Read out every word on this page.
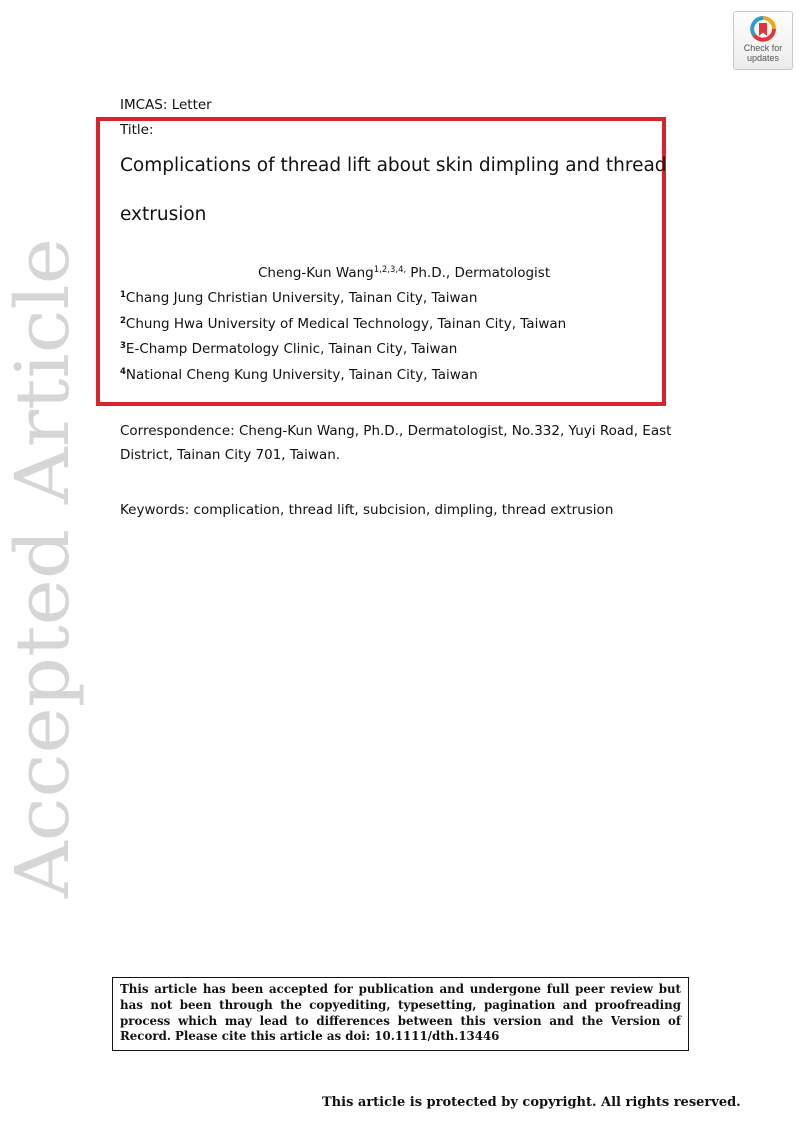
Accepted Article
Check for
updates
IMCAS: Letter
Title:
Complications of thread lift about skin dimpling and thread
extrusion
Cheng-Kun Wang$^{1,2,3,4,}$ Ph.D., Dermatologist
$^1$Chang Jung Christian University, Tainan City, Taiwan
$^2$Chung Hwa University of Medical Technology, Tainan City, Taiwan
$^3$E-Champ Dermatology Clinic, Tainan City, Taiwan
$^4$National Cheng Kung University, Tainan City, Taiwan
Correspondence: Cheng-Kun Wang, Ph.D., Dermatologist, No.332, Yuyi Road, East District, Tainan City 701, Taiwan.
Keywords: complication, thread lift, subcision, dimpling, thread extrusion
This article has been accepted for publication and undergone full peer review but has not been through the copyediting, typesetting, pagination and proofreading process which may lead to differences between this version and the Version of Record. Please cite this article as doi: 10.1111/dth.13446
This article is protected by copyright. All rights reserved.
